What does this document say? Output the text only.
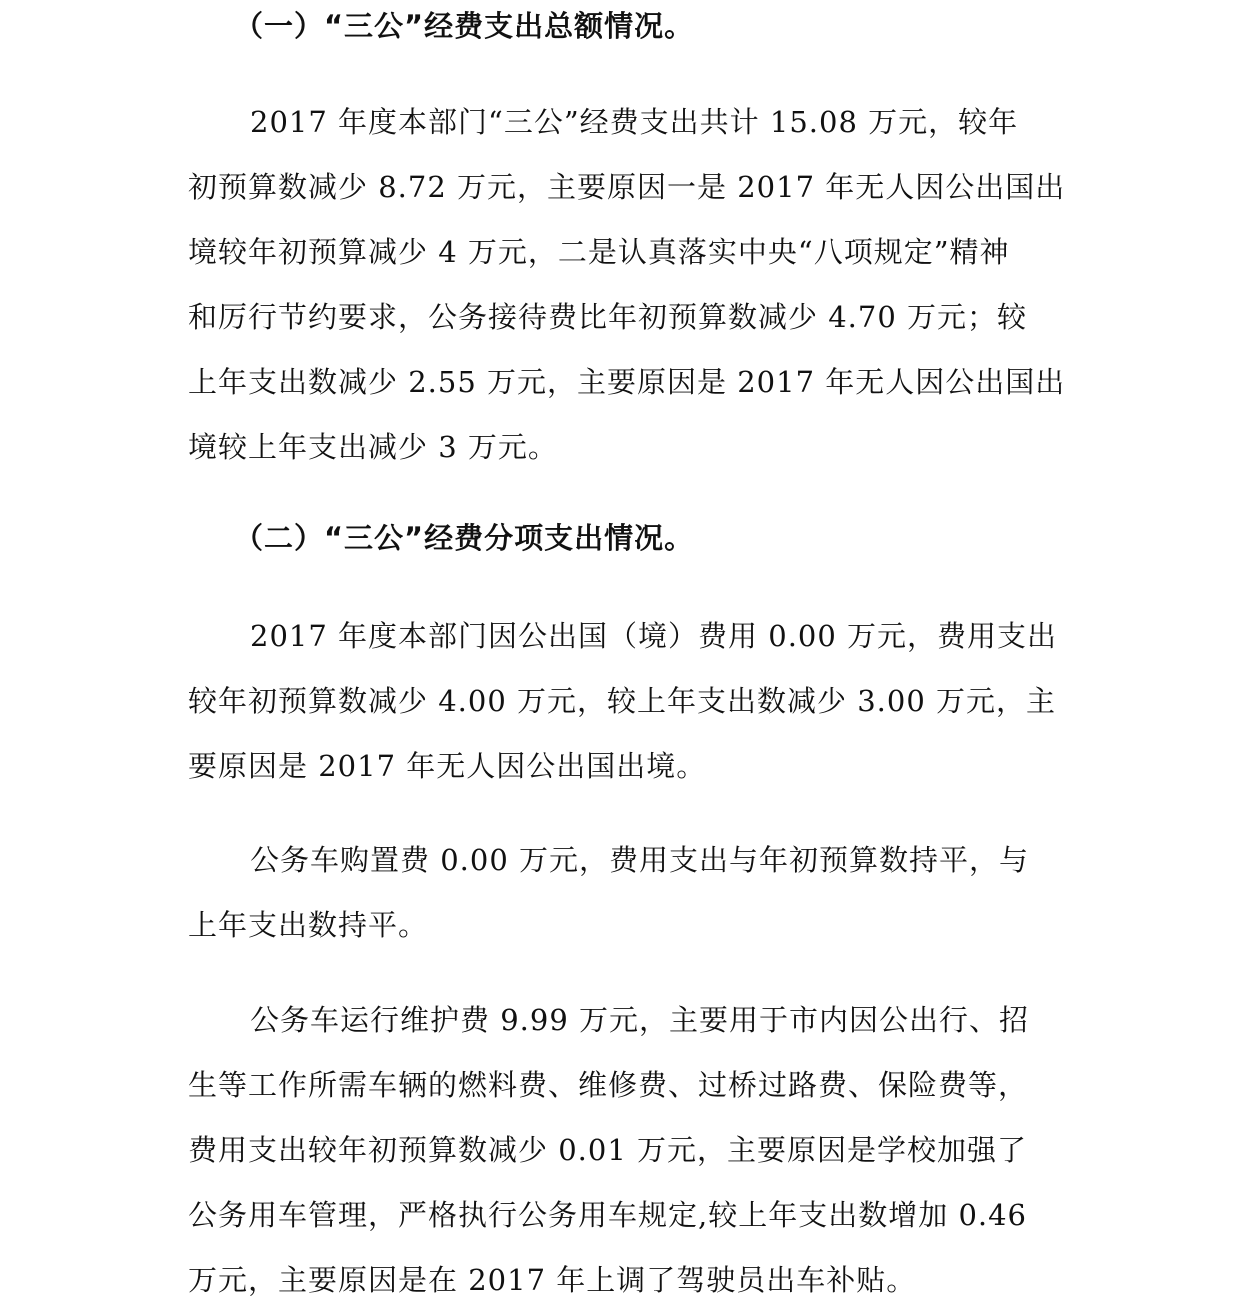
（一）“三公”经费支出总额情况。
2017 年度本部门“三公”经费支出共计 15.08 万元，较年
初预算数减少 8.72 万元，主要原因一是 2017 年无人因公出国出
境较年初预算减少 4 万元，二是认真落实中央“八项规定”精神
和厉行节约要求，公务接待费比年初预算数减少 4.70 万元；较
上年支出数减少 2.55 万元，主要原因是 2017 年无人因公出国出
境较上年支出减少 3 万元。
（二）“三公”经费分项支出情况。
2017 年度本部门因公出国（境）费用 0.00 万元，费用支出
较年初预算数减少 4.00 万元，较上年支出数减少 3.00 万元，主
要原因是 2017 年无人因公出国出境。
公务车购置费 0.00 万元，费用支出与年初预算数持平，与
上年支出数持平。
公务车运行维护费 9.99 万元，主要用于市内因公出行、招
生等工作所需车辆的燃料费、维修费、过桥过路费、保险费等，
费用支出较年初预算数减少 0.01 万元，主要原因是学校加强了
公务用车管理，严格执行公务用车规定,较上年支出数增加 0.46
万元，主要原因是在 2017 年上调了驾驶员出车补贴。
